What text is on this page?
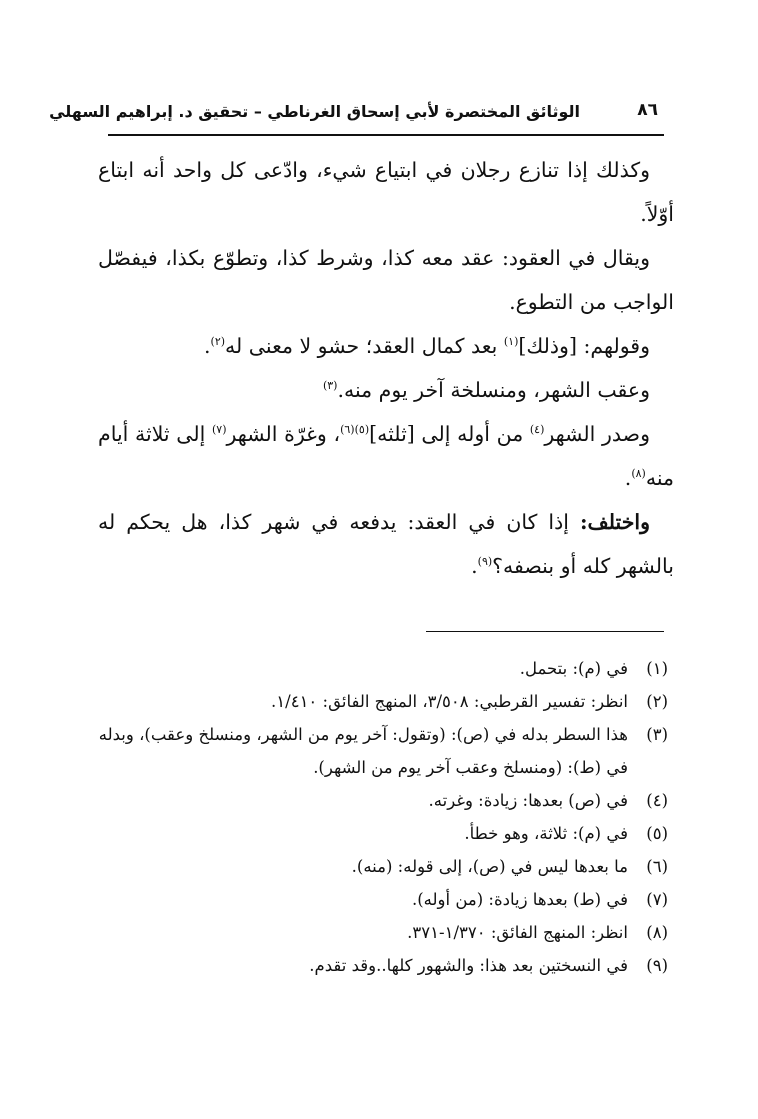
الوثائق المختصرة لأبي إسحاق الغرناطي – تحقيق د. إبراهيم السهلي	٨٦

وكذلك إذا تنازع رجلان في ابتياع شيء، وادّعى كل واحد أنه ابتاع أوّلاً.

ويقال في العقود: عقد معه كذا، وشرط كذا، وتطوّع بكذا، فيفصّل الواجب من التطوع.

وقولهم: [وذلك]$^{(١)}$ بعد كمال العقد؛ حشو لا معنى له$^{(٢)}$.

وعقب الشهر، ومنسلخة آخر يوم منه.$^{(٣)}$

وصدر الشهر$^{(٤)}$ من أوله إلى [ثلثه]$^{(٥)(٦)}$، وغرّة الشهر$^{(٧)}$ إلى ثلاثة أيام منه$^{(٨)}$.

واختلف: إذا كان في العقد: يدفعه في شهر كذا، هل يحكم له بالشهر كله أو بنصفه؟$^{(٩)}$.

(١)
في (م): بتحمل.

(٢)
انظر: تفسير القرطبي: ٣/٥٠٨، المنهج الفائق: ١/٤١٠.

(٣)
هذا السطر بدله في (ص): (وتقول: آخر يوم من الشهر، ومنسلخ وعقب)، وبدله في (ط): (ومنسلخ وعقب آخر يوم من الشهر).

(٤)
في (ص) بعدها: زيادة: وغرته.

(٥)
في (م): ثلاثة، وهو خطأ.

(٦)
ما بعدها ليس في (ص)، إلى قوله: (منه).

(٧)
في (ط) بعدها زيادة: (من أوله).

(٨)
انظر: المنهج الفائق: ١/٣٧٠-٣٧١.

(٩)
في النسختين بعد هذا: والشهور كلها..وقد تقدم.
